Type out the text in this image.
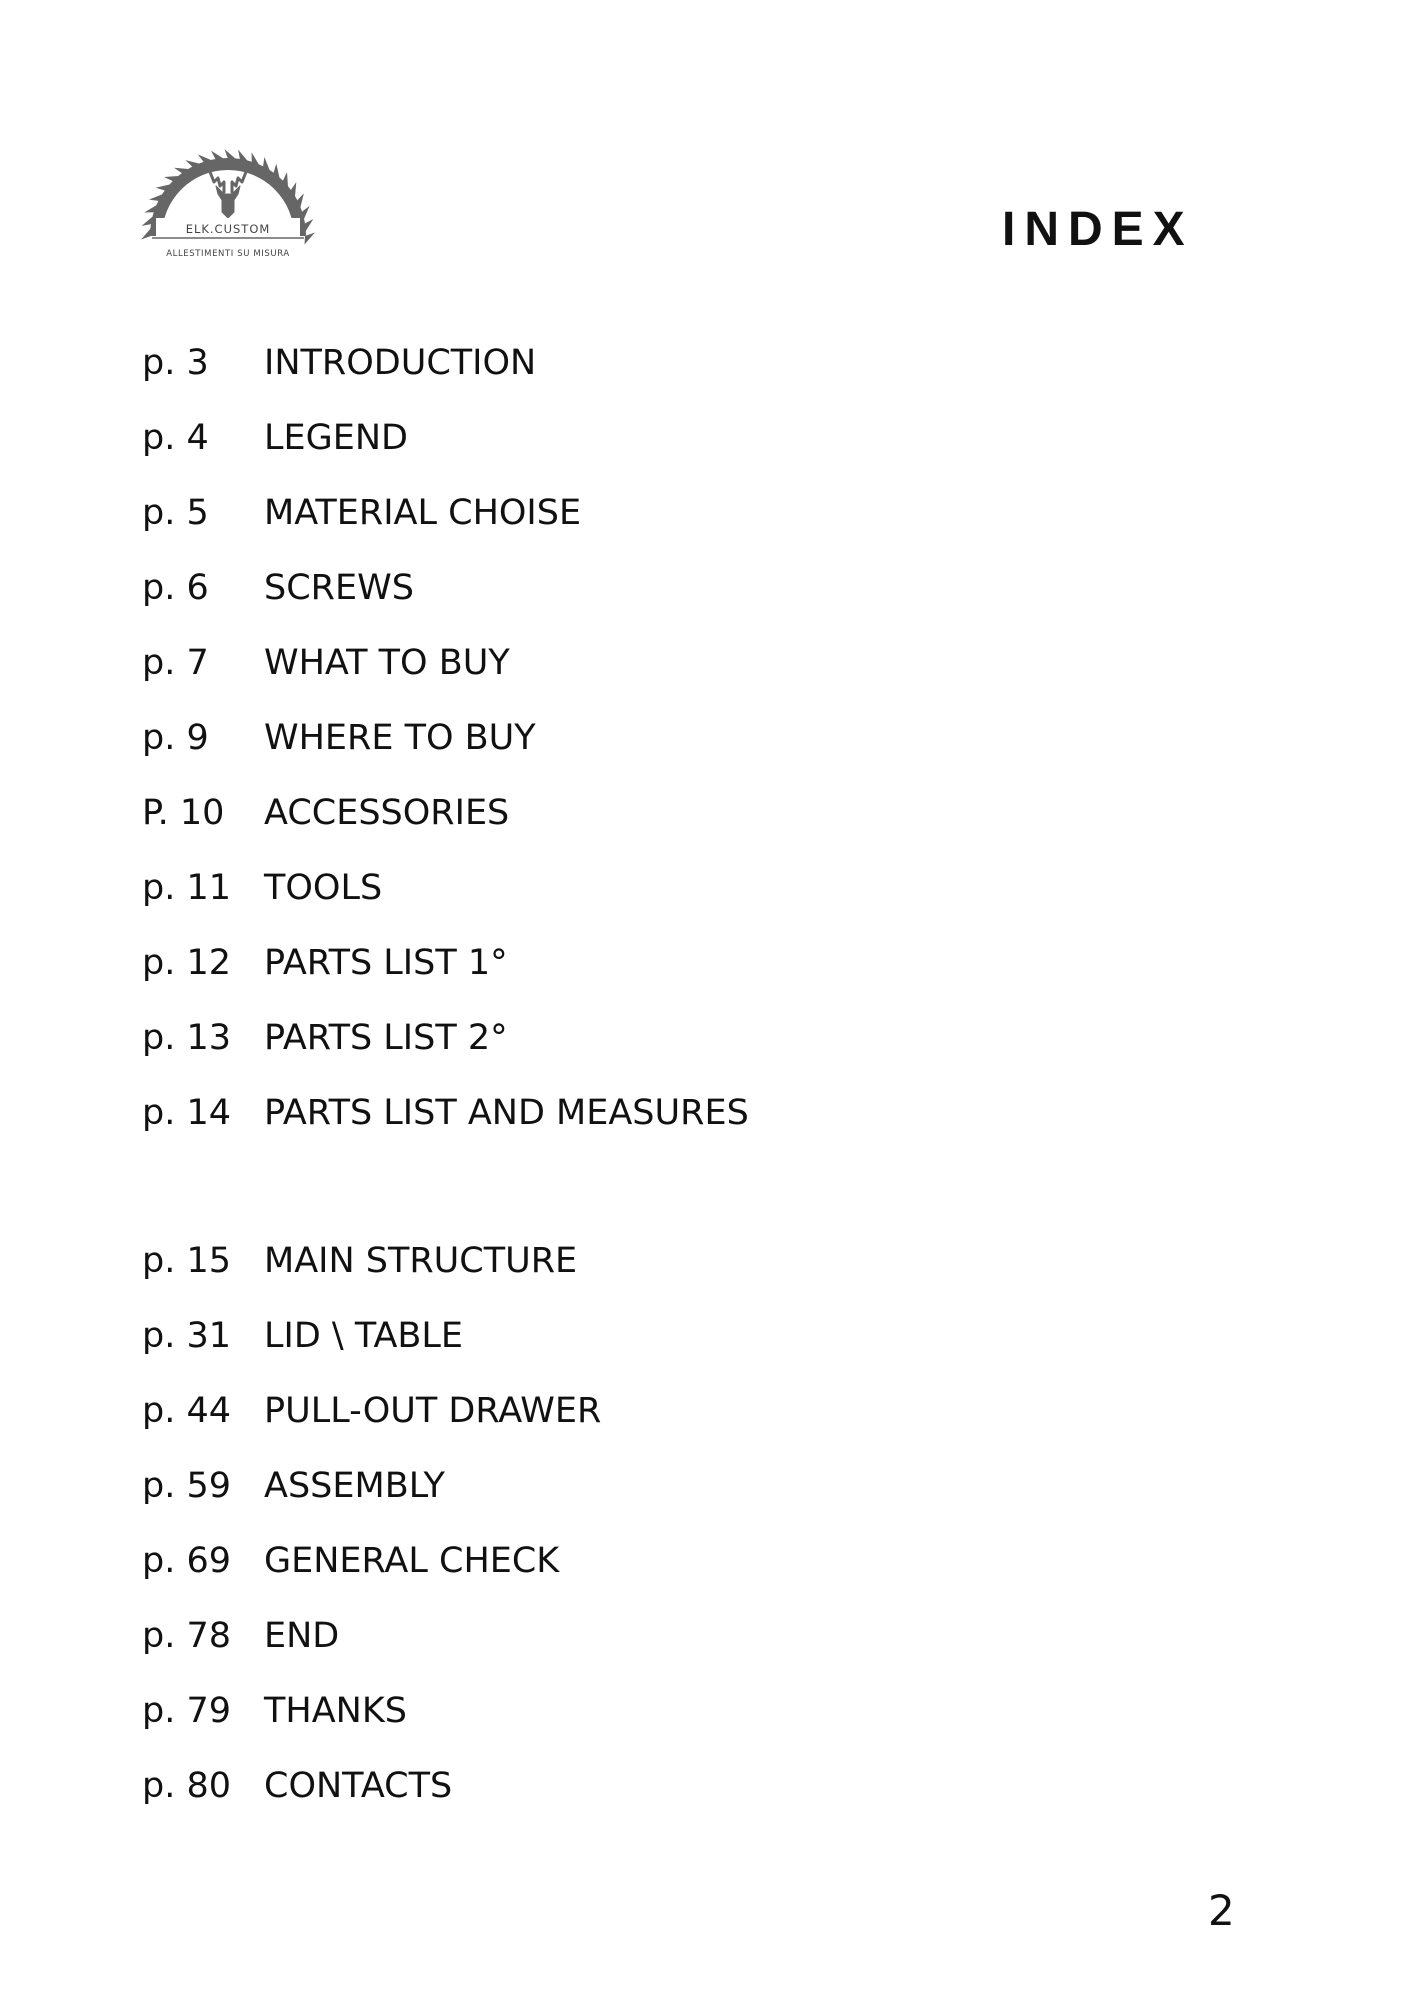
ELK.CUSTOM
ALLESTIMENTI SU MISURA	INDEX
p. 3	INTRODUCTION
p. 4	LEGEND
p. 5	MATERIAL CHOISE
p. 6	SCREWS
p. 7	WHAT TO BUY
p. 9	WHERE TO BUY
P. 10	ACCESSORIES
p. 11 TOOLS
p. 12 PARTS LIST 1°
p. 13 PARTS LIST 2°
p. 14 PARTS LIST AND MEASURES
p. 15 MAIN STRUCTURE
p. 31 LID \ TABLE
p. 44 PULL-OUT DRAWER
p. 59 ASSEMBLY
p. 69 GENERAL CHECK
p. 78 END
p. 79 THANKS
p. 80 CONTACTS
2
